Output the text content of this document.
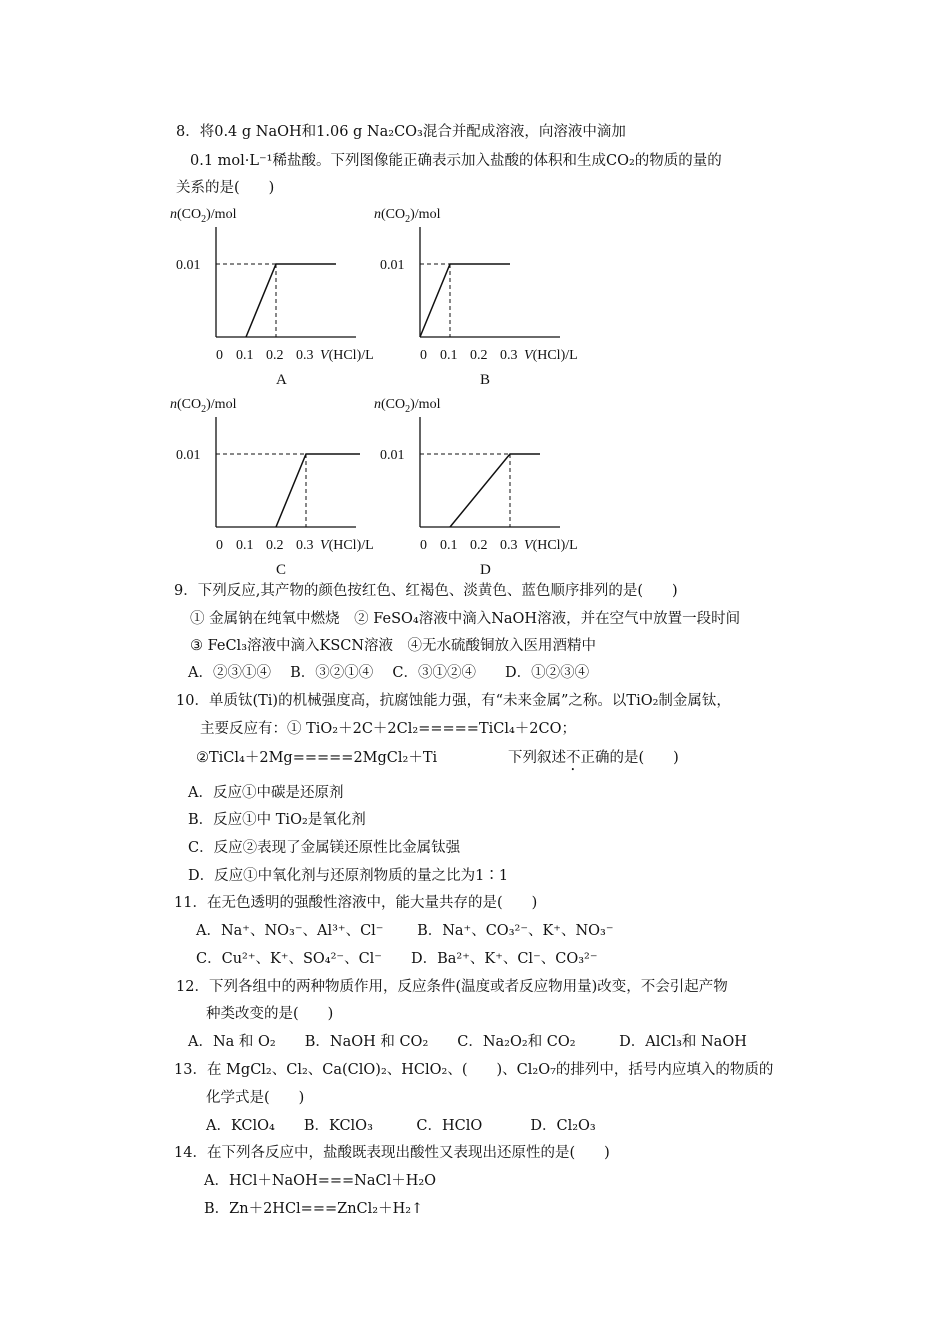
8．将0.4 g NaOH和1.06 g Na₂CO₃混合并配成溶液，向溶液中滴加
0.1 mol·L⁻¹稀盐酸。下列图像能正确表示加入盐酸的体积和生成CO₂的物质的量的
关系的是(　　)
$n(CO_2)$/mol
V(HCl)/L
0.01
0 0.1 0.2 0.3
A
$n(CO_2)$/mol
V(HCl)/L
0.01
0 0.1 0.2 0.3
B
$n(CO_2)$/mol
V(HCl)/L
0.01
0 0.1 0.2 0.3
C
$n(CO_2)$/mol
V(HCl)/L
0.01
0 0.1 0.2 0.3
D
9．下列反应,其产物的颜色按红色、红褐色、淡黄色、蓝色顺序排列的是(　　)
① 金属钠在纯氧中燃烧　② FeSO₄溶液中滴入NaOH溶液，并在空气中放置一段时间
③ FeCl₃溶液中滴入KSCN溶液　④无水硫酸铜放入医用酒精中
A．②③①④　 B．③②①④　 C．③①②④　　D．①②③④
10．单质钛(Ti)的机械强度高，抗腐蚀能力强，有“未来金属”之称。以TiO₂制金属钛，
主要反应有：① TiO₂＋2C＋2Cl₂=====TiCl₄＋2CO；
②TiCl₄＋2Mg=====2MgCl₂＋Ti	下列叙述不正确的是(　　)
A．反应①中碳是还原剂
B．反应①中 TiO₂是氧化剂
C．反应②表现了金属镁还原性比金属钛强
D．反应①中氧化剂与还原剂物质的量之比为1∶1
11．在无色透明的强酸性溶液中，能大量共存的是(　　)
A．Na⁺、NO₃⁻、Al³⁺、Cl⁻　　 B．Na⁺、CO₃²⁻、K⁺、NO₃⁻
C．Cu²⁺、K⁺、SO₄²⁻、Cl⁻　　D．Ba²⁺、K⁺、Cl⁻、CO₃²⁻
12．下列各组中的两种物质作用，反应条件(温度或者反应物用量)改变，不会引起产物
种类改变的是(　　)
A．Na 和 O₂　　B．NaOH 和 CO₂　　C．Na₂O₂和 CO₂　　　D．AlCl₃和 NaOH
13．在 MgCl₂、Cl₂、Ca(ClO)₂、HClO₂、(　　)、Cl₂O₇的排列中，括号内应填入的物质的
化学式是(　　)
A．KClO₄　　B．KClO₃　　　C．HClO　　　 D．Cl₂O₃
14．在下列各反应中，盐酸既表现出酸性又表现出还原性的是(　　)
A．HCl＋NaOH===NaCl＋H₂O
B．Zn＋2HCl===ZnCl₂＋H₂↑
